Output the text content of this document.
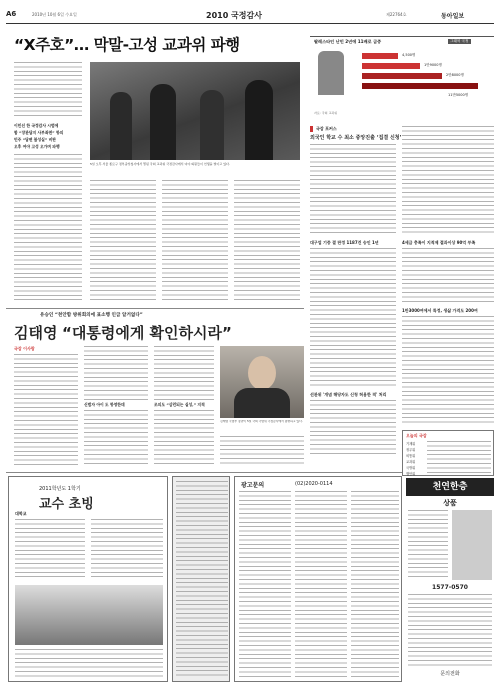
A6	2010년 10월 6일 수요일	2010 국정감사	제22764호	동아일보
“X주호”… 막말-고성 교과위 파행
이민선 한 국정감사 시범에
함 “장관답지 사부좌면” 항의
민주 “답변 불성실” 비판
오후 여야 고성 오가며 파행
5일 오후 서울 종로구 정부중앙청사에서 열린 국회 교과위 국정감사에서 여야 의원들이 언쟁을 벌이고 있다.
팔레스타인 난민 2년에 11배로 급증	그래픽 국정
4,500명
1만9000명
2만8000명
11만5000명
자료: 국회 교과위
국감 포커스
외국인 학교 수 최소 중앙진출 ‘집결 신청’
대구업 기증 결 판정 1187건 승인 1년	4세급 충족이 지적제 결과이상 90억 부족
1만3000여에서 특정, 생삶 가격도 200여
선관위 '개념 해당자도 신청 허용한 적' 처리
오늘의 국감
기재위
정무위
외통위
교과위
국방위
행안위
유승인 “천안함 방위회의에 표소행 인급 알거없다”
김태영 “대통령에게 확인하시라”
국감 이사람
신범자 아이 도 항영한데	조의도 “삼런되는 실성,” 지적
김태영 국방부 장관이 5일 국회 국방위 국정감사에서 답변하고 있다.
2011학년도 1학기
교수 초빙
대학교
광고문의	(02)2020-0114	천연한층
상품
1577-0570
문의전화
